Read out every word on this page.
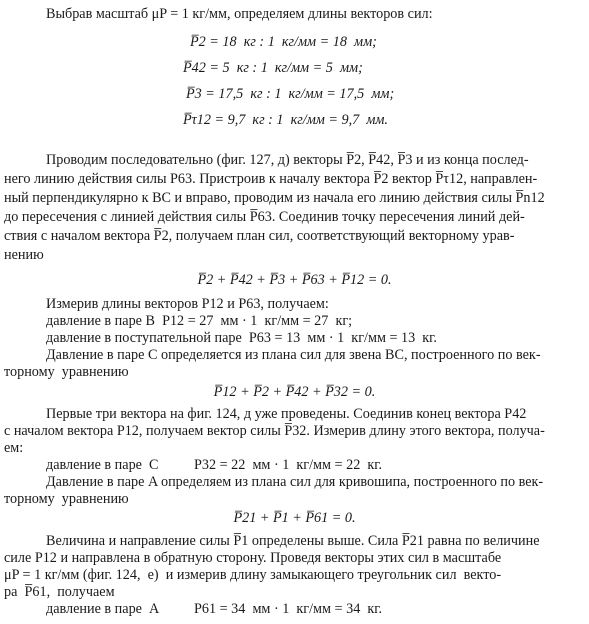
Выбрав масштаб μP = 1 кг/мм, определяем длины векторов сил:
P̅2 = 18  кг : 1  кг/мм = 18  мм;
P̅42 = 5  кг : 1  кг/мм = 5  мм;
P̅3 = 17,5  кг : 1  кг/мм = 17,5  мм;
P̅τ12 = 9,7  кг : 1  кг/мм = 9,7  мм.
Проводим последовательно (фиг. 127, д) векторы P̅2, P̅42, P̅3 и из конца послед-
него линию действия силы P63. Пристроив к началу вектора P̅2 вектор P̅τ12, направлен-
ный перпендикулярно к BC и вправо, проводим из начала его линию действия силы P̅n12
до пересечения с линией действия силы P̅63. Соединив точку пересечения линий дей-
ствия с началом вектора P̅2, получаем план сил, соответствующий векторному урав-
нению
P̅2 + P̅42 + P̅3 + P̅63 + P̅12 = 0.
Измерив длины векторов P12 и P63, получаем:
давление в паре B  P12 = 27  мм · 1  кг/мм = 27  кг;
давление в поступательной паре  P63 = 13  мм · 1  кг/мм = 13  кг.
Давление в паре C определяется из плана сил для звена BC, построенного по век-
торному  уравнению
P̅12 + P̅2 + P̅42 + P̅32 = 0.
Первые три вектора на фиг. 124, д уже проведены. Соединив конец вектора P42
с началом вектора P12, получаем вектор силы P̅32. Измерив длину этого вектора, получа-
ем:
давление в паре  C          P32 = 22  мм · 1  кг/мм = 22  кг.
Давление в паре A определяем из плана сил для кривошипа, построенного по век-
торному  уравнению
P̅21 + P̅1 + P̅61 = 0.
Величина и направление силы P̅1 определены выше. Сила P̅21 равна по величине
силе P12 и направлена в обратную сторону. Проведя векторы этих сил в масштабе
μP = 1 кг/мм (фиг. 124,  е)  и измерив длину замыкающего треугольник сил  векто-
ра  P̅61,  получаем
давление в паре  A          P61 = 34  мм · 1  кг/мм = 34  кг.
